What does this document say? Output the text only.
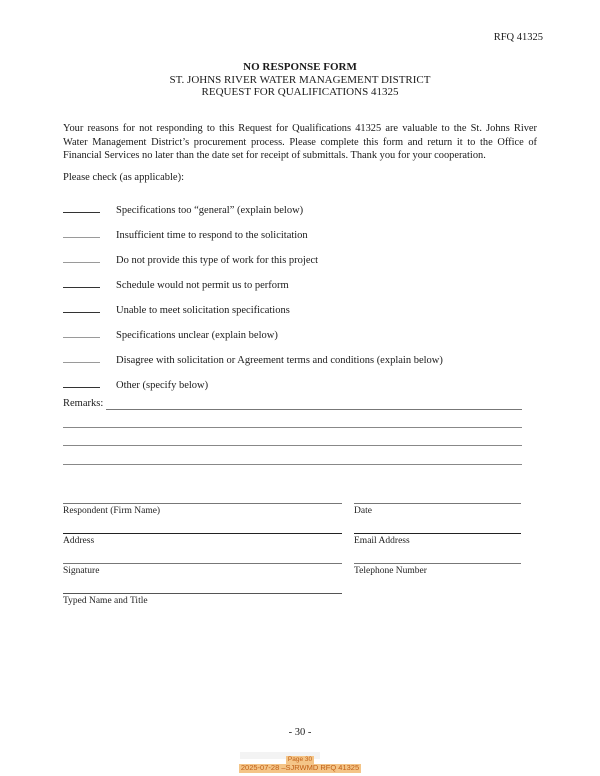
RFQ 41325
NO RESPONSE FORM
ST. JOHNS RIVER WATER MANAGEMENT DISTRICT
REQUEST FOR QUALIFICATIONS 41325
Your reasons for not responding to this Request for Qualifications 41325 are valuable to the St. Johns River
Water Management District’s procurement process. Please complete this form and return it to the Office of
Financial Services no later than the date set for receipt of submittals. Thank you for your cooperation.
Please check (as applicable):
Specifications too “general” (explain below)
Insufficient time to respond to the solicitation
Do not provide this type of work for this project
Schedule would not permit us to perform
Unable to meet solicitation specifications
Specifications unclear (explain below)
Disagree with solicitation or Agreement terms and conditions (explain below)
Other (specify below)
Remarks:
Respondent (Firm Name)	Date
Address	Email Address
Signature	Telephone Number
Typed Name and Title
- 30 -
Page 30
2025-07-28 –SJRWMD RFQ 41325
